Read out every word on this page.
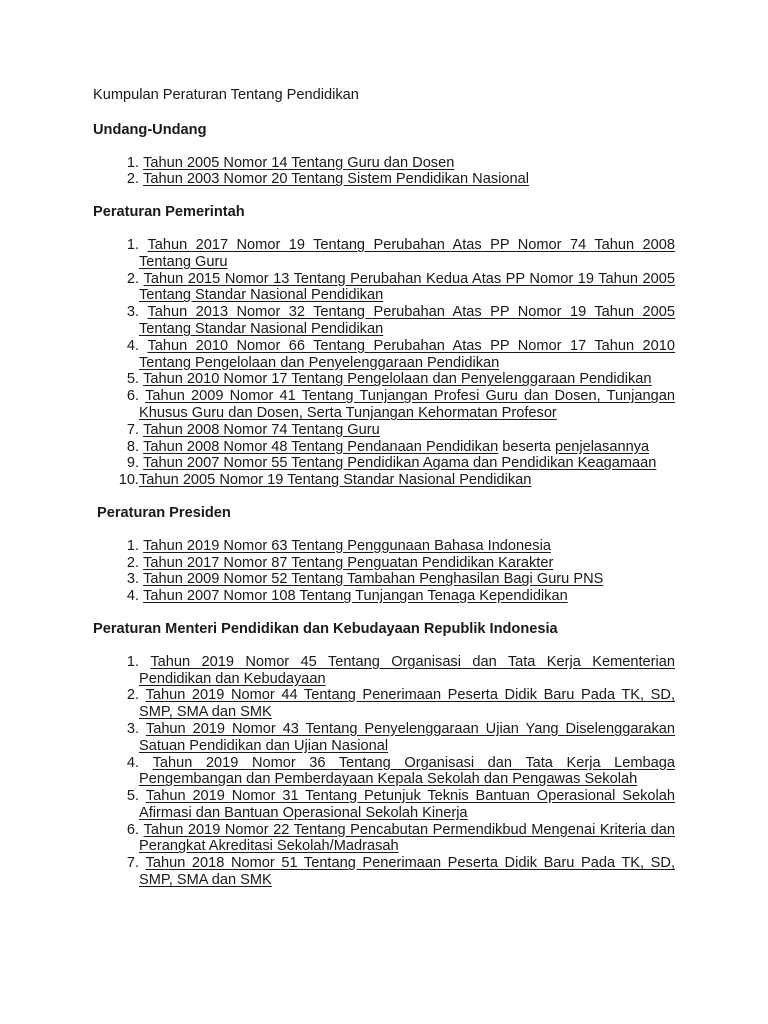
Kumpulan Peraturan Tentang Pendidikan

Undang-Undang
1. Tahun 2005 Nomor 14 Tentang Guru dan Dosen
2. Tahun 2003 Nomor 20 Tentang Sistem Pendidikan Nasional
Peraturan Pemerintah
1. Tahun 2017 Nomor 19 Tentang Perubahan Atas PP Nomor 74 Tahun 2008 Tentang Guru
2. Tahun 2015 Nomor 13 Tentang Perubahan Kedua Atas PP Nomor 19 Tahun 2005 Tentang Standar Nasional Pendidikan
3. Tahun 2013 Nomor 32 Tentang Perubahan Atas PP Nomor 19 Tahun 2005 Tentang Standar Nasional Pendidikan
4. Tahun 2010 Nomor 66 Tentang Perubahan Atas PP Nomor 17 Tahun 2010 Tentang Pengelolaan dan Penyelenggaraan Pendidikan
5. Tahun 2010 Nomor 17 Tentang Pengelolaan dan Penyelenggaraan Pendidikan
6. Tahun 2009 Nomor 41 Tentang Tunjangan Profesi Guru dan Dosen, Tunjangan Khusus Guru dan Dosen, Serta Tunjangan Kehormatan Profesor
7. Tahun 2008 Nomor 74 Tentang Guru
8. Tahun 2008 Nomor 48 Tentang Pendanaan Pendidikan beserta penjelasannya
9. Tahun 2007 Nomor 55 Tentang Pendidikan Agama dan Pendidikan Keagamaan
10. Tahun 2005 Nomor 19 Tentang Standar Nasional Pendidikan
Peraturan Presiden
1. Tahun 2019 Nomor 63 Tentang Penggunaan Bahasa Indonesia
2. Tahun 2017 Nomor 87 Tentang Penguatan Pendidikan Karakter
3. Tahun 2009 Nomor 52 Tentang Tambahan Penghasilan Bagi Guru PNS
4. Tahun 2007 Nomor 108 Tentang Tunjangan Tenaga Kependidikan
Peraturan Menteri Pendidikan dan Kebudayaan Republik Indonesia
1. Tahun 2019 Nomor 45 Tentang Organisasi dan Tata Kerja Kementerian Pendidikan dan Kebudayaan
2. Tahun 2019 Nomor 44 Tentang Penerimaan Peserta Didik Baru Pada TK, SD, SMP, SMA dan SMK
3. Tahun 2019 Nomor 43 Tentang Penyelenggaraan Ujian Yang Diselenggarakan Satuan Pendidikan dan Ujian Nasional
4. Tahun 2019 Nomor 36 Tentang Organisasi dan Tata Kerja Lembaga Pengembangan dan Pemberdayaan Kepala Sekolah dan Pengawas Sekolah
5. Tahun 2019 Nomor 31 Tentang Petunjuk Teknis Bantuan Operasional Sekolah Afirmasi dan Bantuan Operasional Sekolah Kinerja
6. Tahun 2019 Nomor 22 Tentang Pencabutan Permendikbud Mengenai Kriteria dan Perangkat Akreditasi Sekolah/Madrasah
7. Tahun 2018 Nomor 51 Tentang Penerimaan Peserta Didik Baru Pada TK, SD, SMP, SMA dan SMK
